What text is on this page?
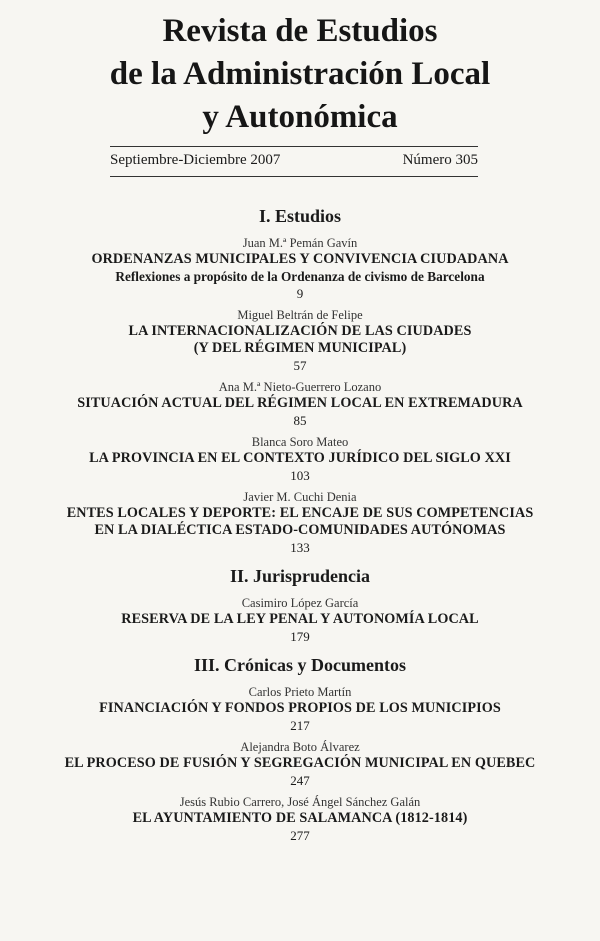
Revista de Estudios
de la Administración Local
y Autonómica
Septiembre-Diciembre 2007	Número 305
I. Estudios
Juan M.ª Pemán Gavín
ORDENANZAS MUNICIPALES Y CONVIVENCIA CIUDADANA
Reflexiones a propósito de la Ordenanza de civismo de Barcelona
9
Miguel Beltrán de Felipe
LA INTERNACIONALIZACIÓN DE LAS CIUDADES
(Y DEL RÉGIMEN MUNICIPAL)
57
Ana M.ª Nieto-Guerrero Lozano
SITUACIÓN ACTUAL DEL RÉGIMEN LOCAL EN EXTREMADURA
85
Blanca Soro Mateo
LA PROVINCIA EN EL CONTEXTO JURÍDICO DEL SIGLO XXI
103
Javier M. Cuchi Denia
ENTES LOCALES Y DEPORTE: EL ENCAJE DE SUS COMPETENCIAS
EN LA DIALÉCTICA ESTADO-COMUNIDADES AUTÓNOMAS
133
II. Jurisprudencia
Casimiro López García
RESERVA DE LA LEY PENAL Y AUTONOMÍA LOCAL
179
III. Crónicas y Documentos
Carlos Prieto Martín
FINANCIACIÓN Y FONDOS PROPIOS DE LOS MUNICIPIOS
217
Alejandra Boto Álvarez
EL PROCESO DE FUSIÓN Y SEGREGACIÓN MUNICIPAL EN QUEBEC
247
Jesús Rubio Carrero, José Ángel Sánchez Galán
EL AYUNTAMIENTO DE SALAMANCA (1812-1814)
277
